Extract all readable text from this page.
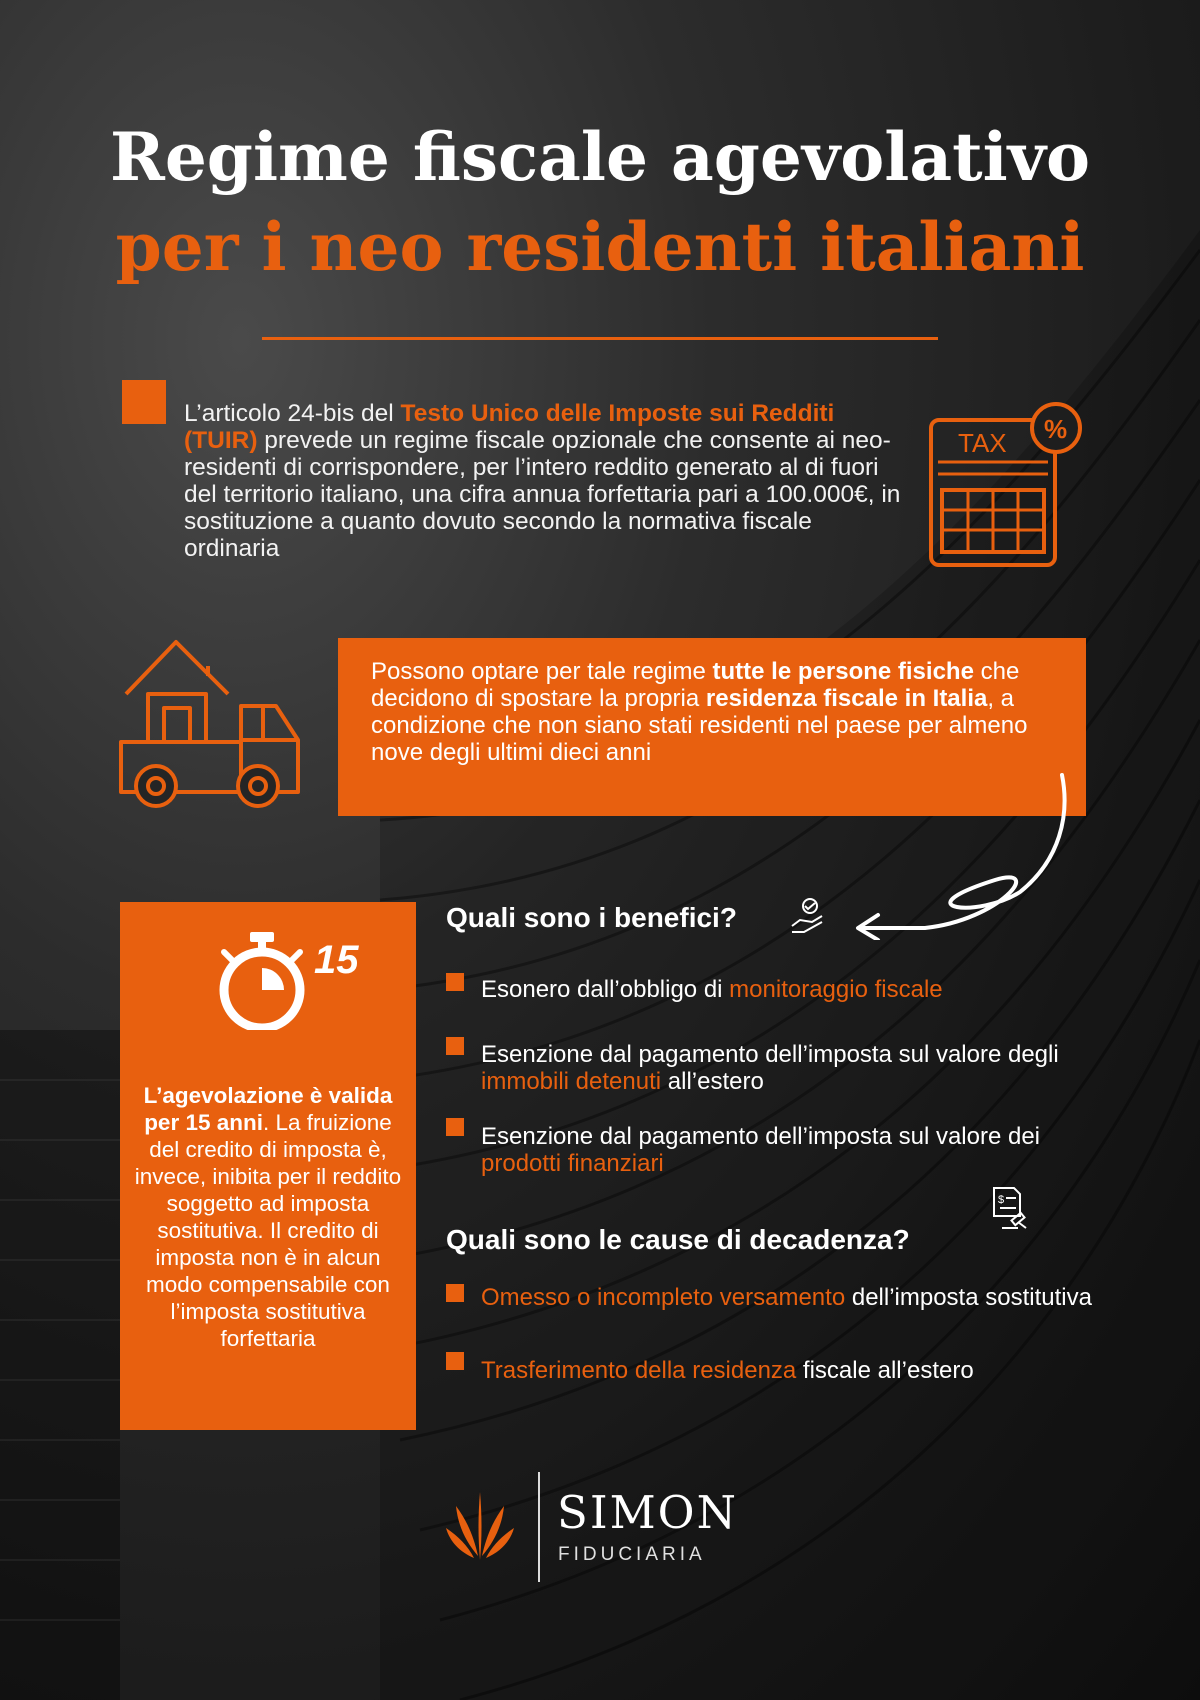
Regime fiscale agevolativo
per i neo residenti italiani
L’articolo 24-bis del Testo Unico delle Imposte sui Redditi (TUIR) prevede un regime fiscale opzionale che consente ai neo-residenti di corrispondere, per l’intero reddito generato al di fuori del territorio italiano, una cifra annua forfettaria pari a 100.000€, in sostituzione a quanto dovuto secondo la normativa fiscale ordinaria
TAX %
Possono optare per tale regime tutte le persone fisiche che decidono di spostare la propria residenza fiscale in Italia, a condizione che non siano stati residenti nel paese per almeno nove degli ultimi dieci anni
15
L’agevolazione è valida per 15 anni. La fruizione del credito di imposta è, invece, inibita per il reddito soggetto ad imposta sostitutiva. Il credito di imposta non è in alcun modo compensabile con l’imposta sostitutiva forfettaria
Quali sono i benefici?
Esonero dall’obbligo di monitoraggio fiscale
Esenzione dal pagamento dell’imposta sul valore degli immobili detenuti all’estero
Esenzione dal pagamento dell’imposta sul valore dei prodotti finanziari
$
Quali sono le cause di decadenza?
Omesso o incompleto versamento dell’imposta sostitutiva
Trasferimento della residenza fiscale all’estero
SIMON
FIDUCIARIA
